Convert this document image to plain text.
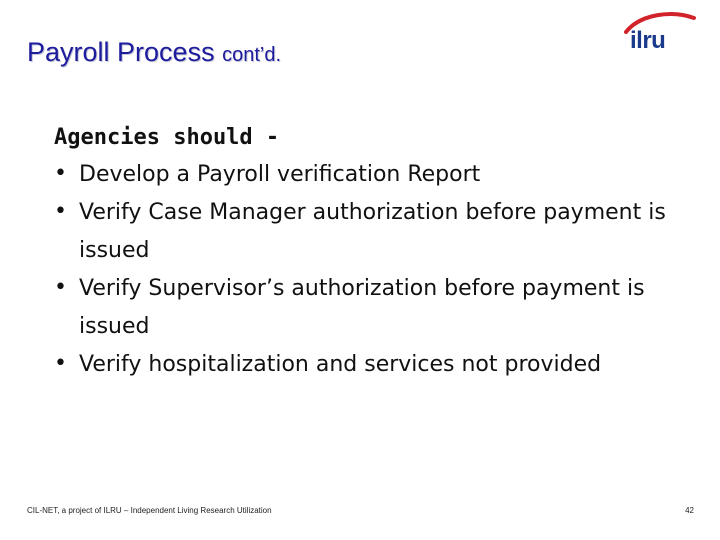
Payroll Process cont’d.
ilru
Agencies should -
• Develop a Payroll verification Report
• Verify Case Manager authorization before payment is issued
• Verify Supervisor’s authorization before payment is issued
• Verify hospitalization and services not provided
CIL-NET, a project of ILRU – Independent Living Research Utilization	42
